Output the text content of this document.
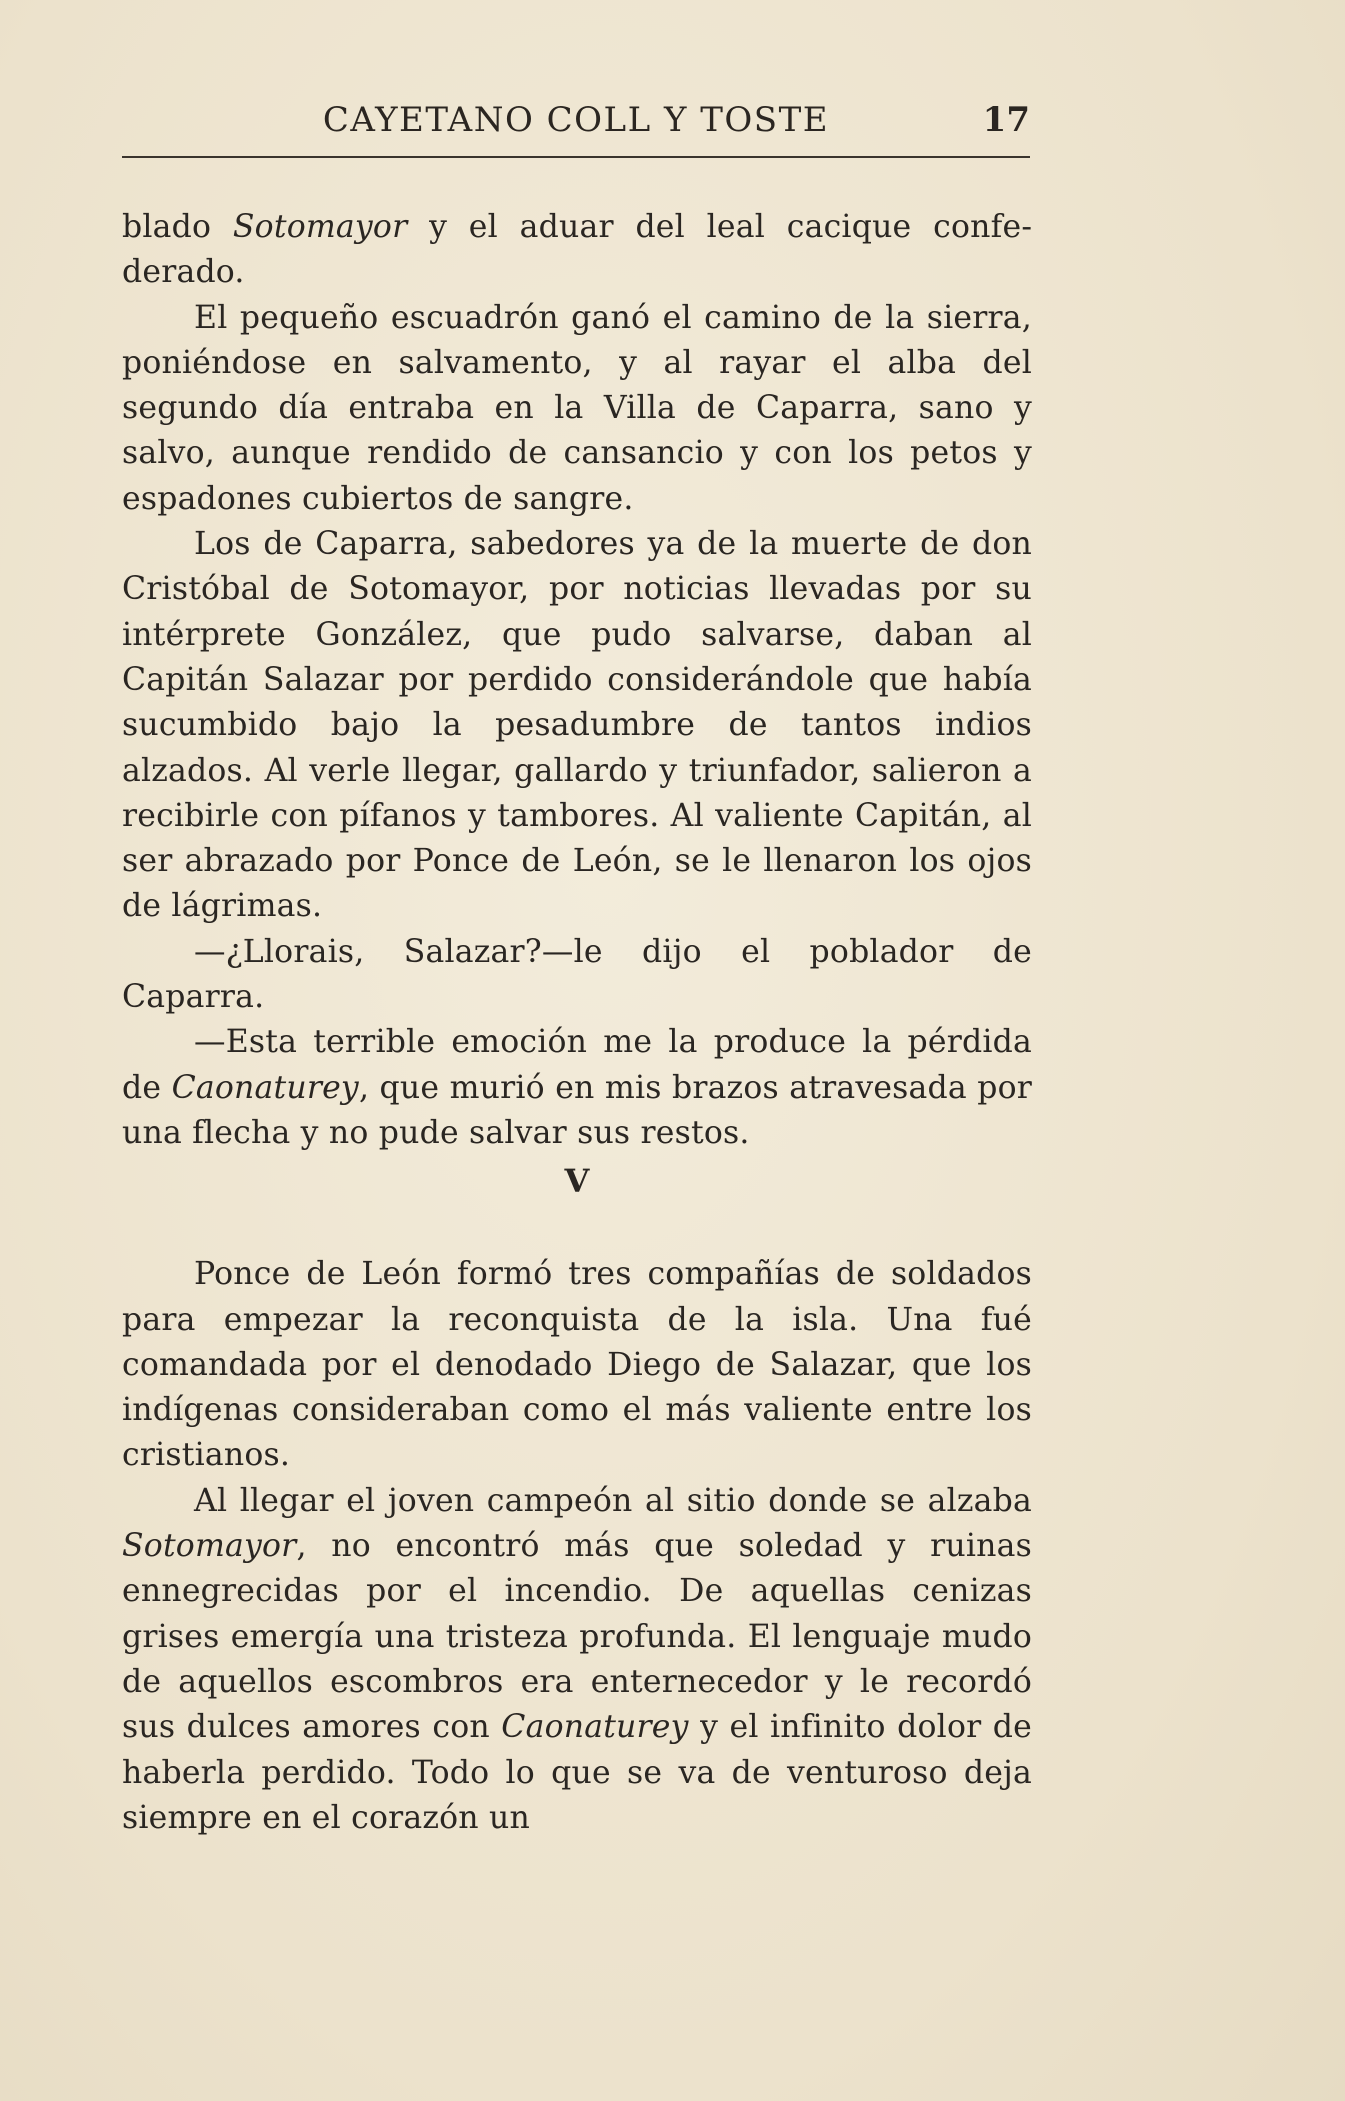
CAYETANO COLL Y TOSTE	17

blado Sotomayor y el aduar del leal cacique confederado.

El pequeño escuadrón ganó el camino de la sierra, poniéndose en salvamento, y al rayar el alba del segundo día entraba en la Villa de Caparra, sano y salvo, aunque rendido de cansancio y con los petos y espadones cubiertos de sangre.

Los de Caparra, sabedores ya de la muerte de don Cristóbal de Sotomayor, por noticias llevadas por su intérprete González, que pudo salvarse, daban al Capitán Salazar por perdido considerándole que había sucumbido bajo la pesadumbre de tantos indios alzados. Al verle llegar, gallardo y triunfador, salieron a recibirle con pífanos y tambores. Al valiente Capitán, al ser abrazado por Ponce de León, se le llenaron los ojos de lágrimas.

—¿Llorais, Salazar?—le dijo el poblador de Caparra.

—Esta terrible emoción me la produce la pérdida de Caonaturey, que murió en mis brazos atravesada por una flecha y no pude salvar sus restos.

V

Ponce de León formó tres compañías de soldados para empezar la reconquista de la isla. Una fué comandada por el denodado Diego de Salazar, que los indígenas consideraban como el más valiente entre los cristianos.

Al llegar el joven campeón al sitio donde se alzaba Sotomayor, no encontró más que soledad y ruinas ennegrecidas por el incendio. De aquellas cenizas grises emergía una tristeza profunda. El lenguaje mudo de aquellos escombros era enternecedor y le recordó sus dulces amores con Caonaturey y el infinito dolor de haberla perdido. Todo lo que se va de venturoso deja siempre en el corazón un
